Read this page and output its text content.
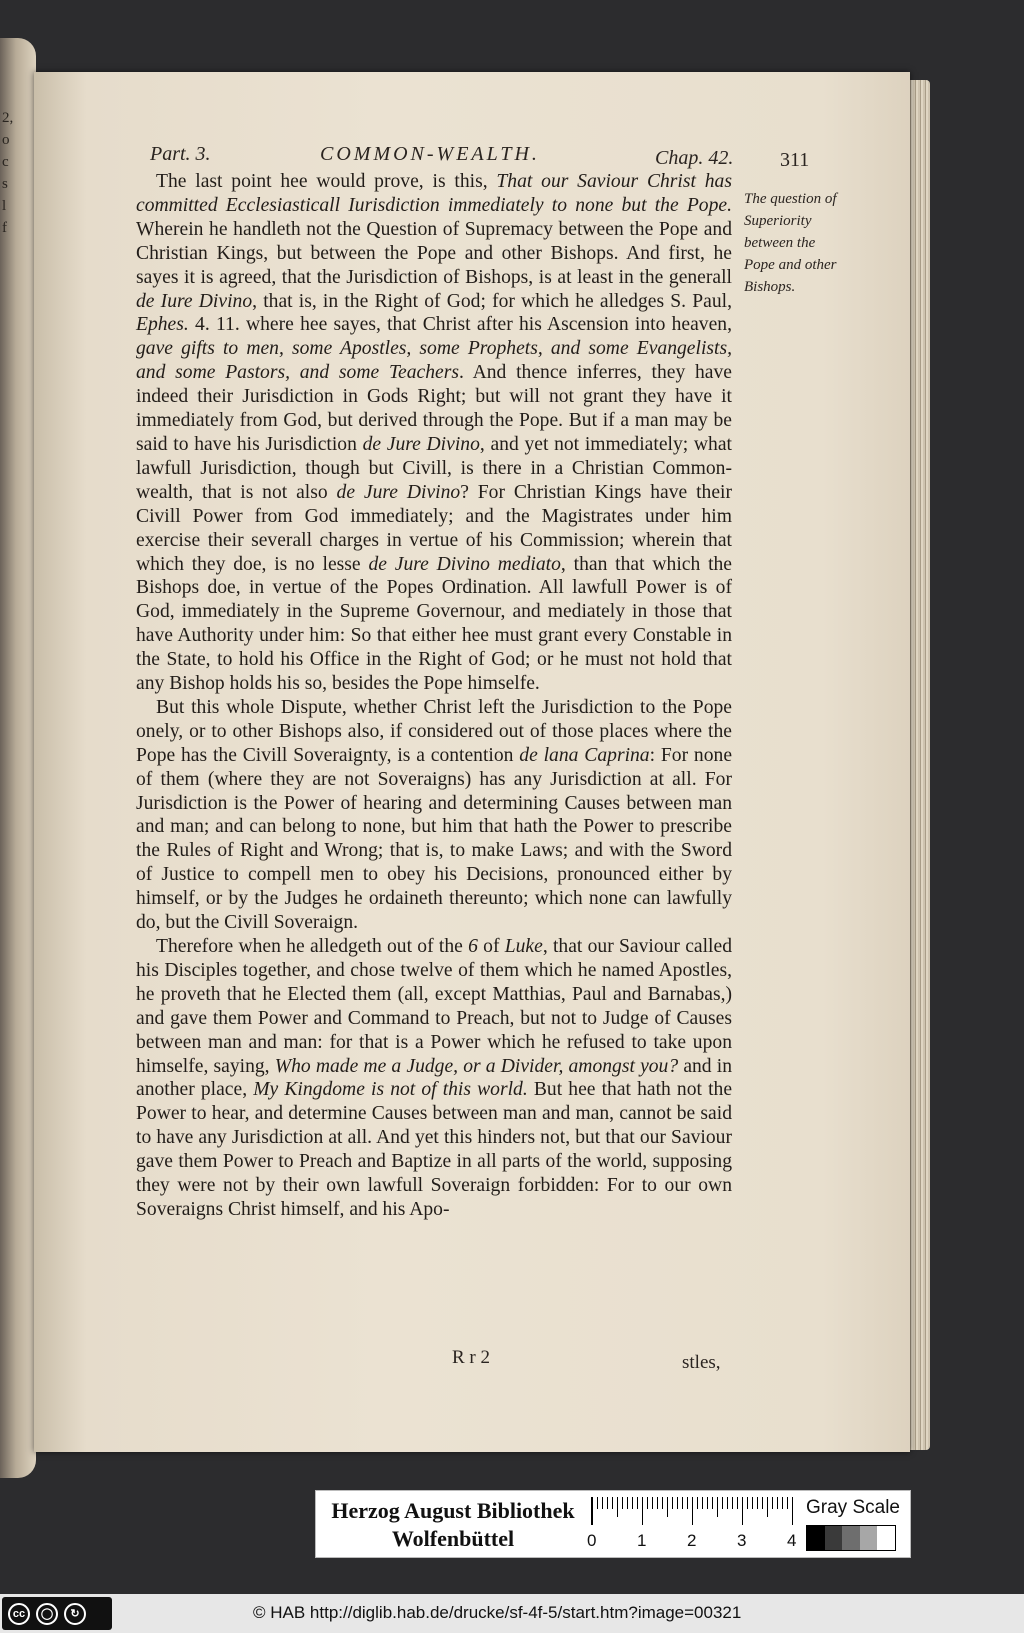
Part. 3.	COMMON-WEALTH.	Chap. 42. 311

The last point hee would prove, is this, That our Saviour Christ has committed Ecclesiasticall Iurisdiction immediately to none but the Pope. Wherein he handleth not the Question of Supremacy between the Pope and Christian Kings, but between the Pope and other Bishops. And first, he sayes it is agreed, that the Jurisdiction of Bishops, is at least in the generall de Iure Divino, that is, in the Right of God; for which he alledges S. Paul, Ephes. 4. 11. where hee sayes, that Christ after his Ascension into heaven, gave gifts to men, some Apostles, some Prophets, and some Evangelists, and some Pastors, and some Teachers. And thence inferres, they have indeed their Jurisdiction in Gods Right; but will not grant they have it immediately from God, but derived through the Pope. But if a man may be said to have his Jurisdiction de Jure Divino, and yet not immediately; what lawfull Jurisdiction, though but Civill, is there in a Christian Common-wealth, that is not also de Jure Divino? For Christian Kings have their Civill Power from God immediately; and the Magistrates under him exercise their severall charges in vertue of his Commission; wherein that which they doe, is no lesse de Jure Divino mediato, than that which the Bishops doe, in vertue of the Popes Ordination. All lawfull Power is of God, immediately in the Supreme Governour, and mediately in those that have Authority under him: So that either hee must grant every Constable in the State, to hold his Office in the Right of God; or he must not hold that any Bishop holds his so, besides the Pope himselfe.

But this whole Dispute, whether Christ left the Jurisdiction to the Pope onely, or to other Bishops also, if considered out of those places where the Pope has the Civill Soveraignty, is a contention de lana Caprina: For none of them (where they are not Soveraigns) has any Jurisdiction at all. For Jurisdiction is the Power of hearing and determining Causes between man and man; and can belong to none, but him that hath the Power to prescribe the Rules of Right and Wrong; that is, to make Laws; and with the Sword of Justice to compell men to obey his Decisions, pronounced either by himself, or by the Judges he ordaineth thereunto; which none can lawfully do, but the Civill Soveraign.

Therefore when he alledgeth out of the 6 of Luke, that our Saviour called his Disciples together, and chose twelve of them which he named Apostles, he proveth that he Elected them (all, except Matthias, Paul and Barnabas,) and gave them Power and Command to Preach, but not to Judge of Causes between man and man: for that is a Power which he refused to take upon himselfe, saying, Who made me a Judge, or a Divider, amongst you? and in another place, My Kingdome is not of this world. But hee that hath not the Power to hear, and determine Causes between man and man, cannot be said to have any Jurisdiction at all. And yet this hinders not, but that our Saviour gave them Power to Preach and Baptize in all parts of the world, supposing they were not by their own lawfull Soveraign forbidden: For to our own Soveraigns Christ himself, and his Apo-

The question of Superiority between the Pope and other Bishops.
R r 2	stles,
Herzog August Bibliothek
Wolfenbüttel	0 1 2 3 4
Gray Scale
cc	◯	↻	© HAB http://diglib.hab.de/drucke/sf-4f-5/start.htm?image=00321
2,
o
c
s
l
f
